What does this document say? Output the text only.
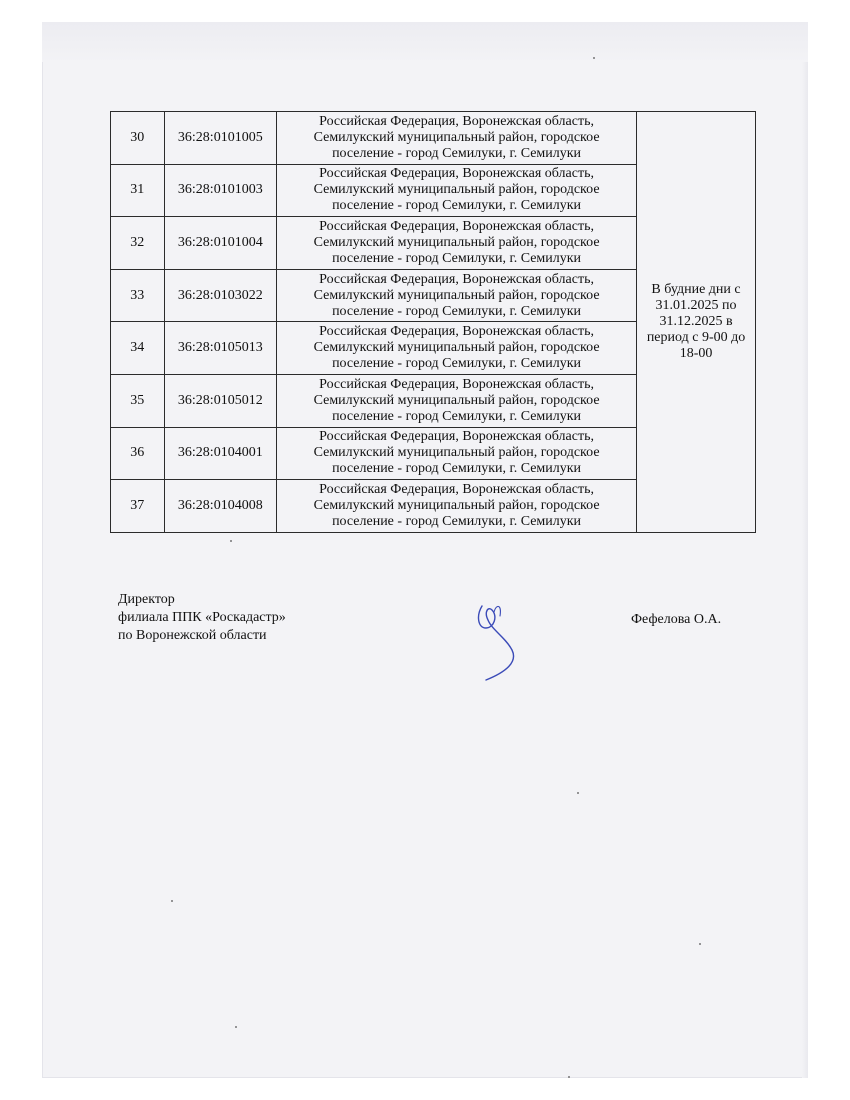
30	36:28:0101005	Российская Федерация, Воронежская область, Семилукский муниципальный район, городское поселение - город Семилуки, г. Семилуки	В будние дни с 31.01.2025 по 31.12.2025 в период с 9-00 до 18-00
31	36:28:0101003	Российская Федерация, Воронежская область, Семилукский муниципальный район, городское поселение - город Семилуки, г. Семилуки	
32	36:28:0101004	Российская Федерация, Воронежская область, Семилукский муниципальный район, городское поселение - город Семилуки, г. Семилуки	
33	36:28:0103022	Российская Федерация, Воронежская область, Семилукский муниципальный район, городское поселение - город Семилуки, г. Семилуки	
34	36:28:0105013	Российская Федерация, Воронежская область, Семилукский муниципальный район, городское поселение - город Семилуки, г. Семилуки	
35	36:28:0105012	Российская Федерация, Воронежская область, Семилукский муниципальный район, городское поселение - город Семилуки, г. Семилуки	
36	36:28:0104001	Российская Федерация, Воронежская область, Семилукский муниципальный район, городское поселение - город Семилуки, г. Семилуки	
37	36:28:0104008	Российская Федерация, Воронежская область, Семилукский муниципальный район, городское поселение - город Семилуки, г. Семилуки	
Директор
филиала ППК «Роскадастр»
по Воронежской области
Фефелова О.А.
